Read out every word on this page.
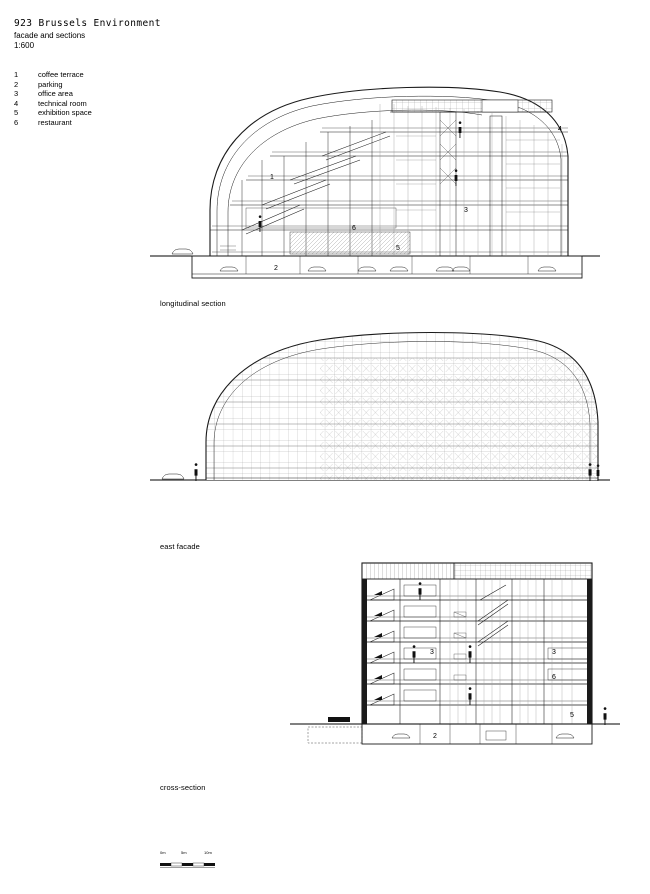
923 Brussels Environment
facade and sections
1:600
1	coffee terrace
2	parking
3	office area
4	technical room
5	exhibition space
6	restaurant
1
2
3
4
5
6
3	3
6
5
2
longitudinal section
east facade
cross-section
0m	5m	10m
